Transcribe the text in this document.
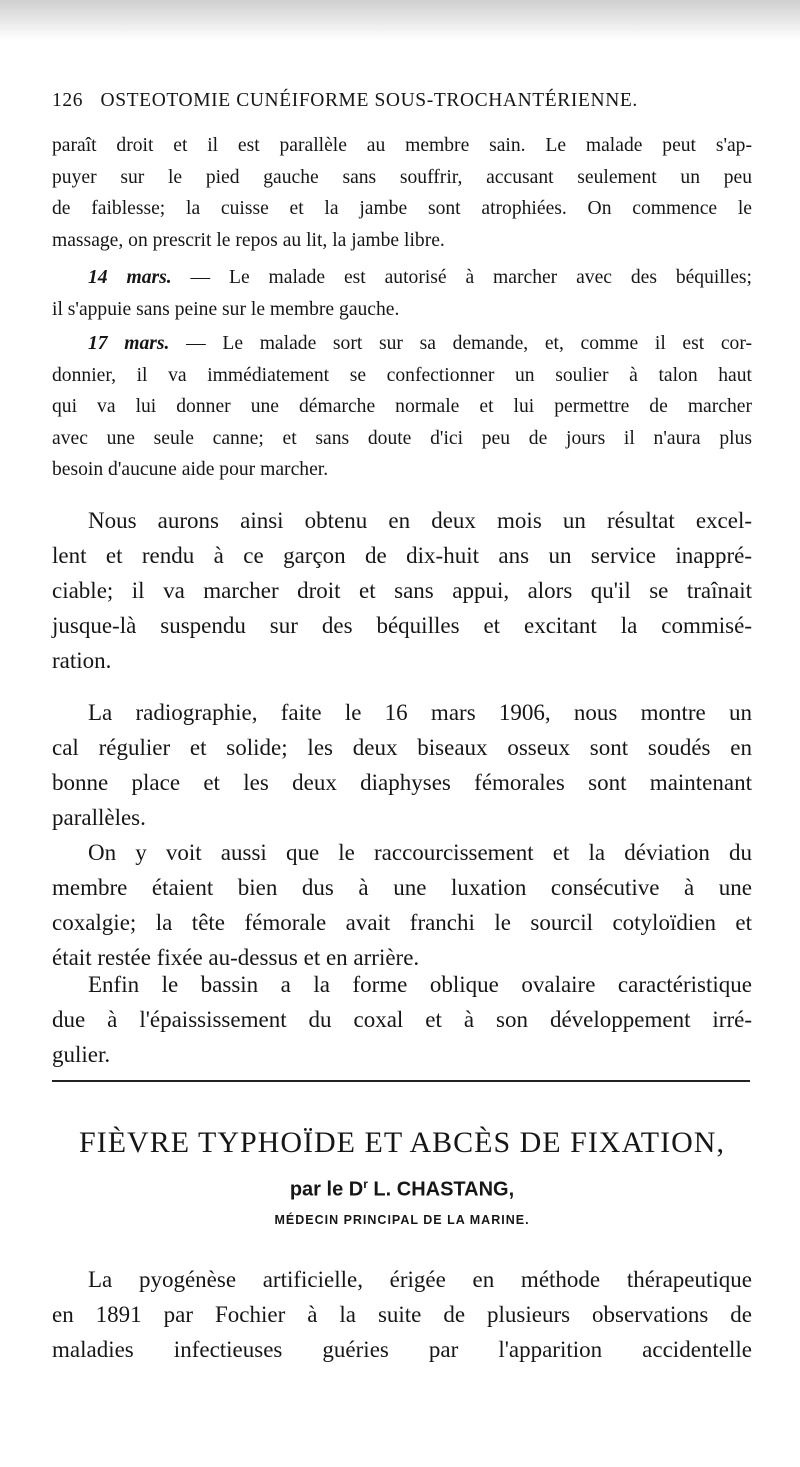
126 OSTEOTOMIE CUNÉIFORME SOUS-TROCHANTÉRIENNE.

paraît droit et il est parallèle au membre sain. Le malade peut s'ap-

puyer sur le pied gauche sans souffrir, accusant seulement un peu

de faiblesse; la cuisse et la jambe sont atrophiées. On commence le

massage, on prescrit le repos au lit, la jambe libre.

14 mars. — Le malade est autorisé à marcher avec des béquilles;

il s'appuie sans peine sur le membre gauche.

17 mars. — Le malade sort sur sa demande, et, comme il est cor-

donnier, il va immédiatement se confectionner un soulier à talon haut

qui va lui donner une démarche normale et lui permettre de marcher

avec une seule canne; et sans doute d'ici peu de jours il n'aura plus

besoin d'aucune aide pour marcher.

Nous aurons ainsi obtenu en deux mois un résultat excel-

lent et rendu à ce garçon de dix-huit ans un service inappré-

ciable; il va marcher droit et sans appui, alors qu'il se traînait

jusque-là suspendu sur des béquilles et excitant la commisé-

ration.

La radiographie, faite le 16 mars 1906, nous montre un

cal régulier et solide; les deux biseaux osseux sont soudés en

bonne place et les deux diaphyses fémorales sont maintenant

parallèles.

On y voit aussi que le raccourcissement et la déviation du

membre étaient bien dus à une luxation consécutive à une

coxalgie; la tête fémorale avait franchi le sourcil cotyloïdien et

était restée fixée au-dessus et en arrière.

Enfin le bassin a la forme oblique ovalaire caractéristique

due à l'épaississement du coxal et à son développement irré-

gulier.

FIÈVRE TYPHOÏDE ET ABCÈS DE FIXATION,
par le $D^r$ L. CHASTANG,
MÉDECIN PRINCIPAL DE LA MARINE.

La pyogénèse artificielle, érigée en méthode thérapeutique

en 1891 par Fochier à la suite de plusieurs observations de

maladies infectieuses guéries par l'apparition accidentelle
